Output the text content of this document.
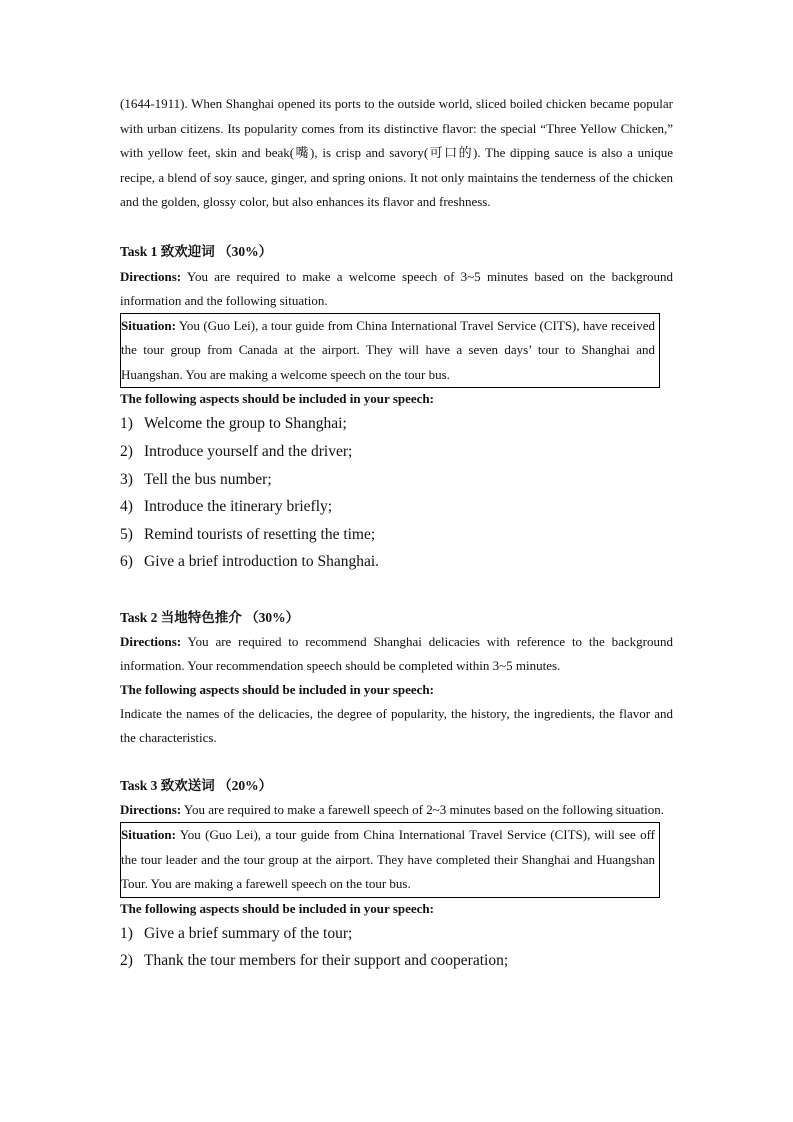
(1644-1911). When Shanghai opened its ports to the outside world, sliced boiled chicken became popular with urban citizens. Its popularity comes from its distinctive flavor: the special “Three Yellow Chicken,” with yellow feet, skin and beak(嘴), is crisp and savory(可口的). The dipping sauce is also a unique recipe, a blend of soy sauce, ginger, and spring onions. It not only maintains the tenderness of the chicken and the golden, glossy color, but also enhances its flavor and freshness.

Task 1 致欢迎词 （30%）

Directions: You are required to make a welcome speech of 3~5 minutes based on the background information and the following situation.

Situation: You (Guo Lei), a tour guide from China International Travel Service (CITS), have received the tour group from Canada at the airport. They will have a seven days’ tour to Shanghai and Huangshan. You are making a welcome speech on the tour bus.

The following aspects should be included in your speech:

1) Welcome the group to Shanghai;
2) Introduce yourself and the driver;
3) Tell the bus number;
4) Introduce the itinerary briefly;
5) Remind tourists of resetting the time;
6) Give a brief introduction to Shanghai.

Task 2 当地特色推介 （30%）

Directions: You are required to recommend Shanghai delicacies with reference to the background information. Your recommendation speech should be completed within 3~5 minutes.

The following aspects should be included in your speech:

Indicate the names of the delicacies, the degree of popularity, the history, the ingredients, the flavor and the characteristics.

Task 3 致欢送词 （20%）

Directions: You are required to make a farewell speech of 2~3 minutes based on the following situation.

Situation: You (Guo Lei), a tour guide from China International Travel Service (CITS), will see off the tour leader and the tour group at the airport. They have completed their Shanghai and Huangshan Tour. You are making a farewell speech on the tour bus.

The following aspects should be included in your speech:

1) Give a brief summary of the tour;
2) Thank the tour members for their support and cooperation;
